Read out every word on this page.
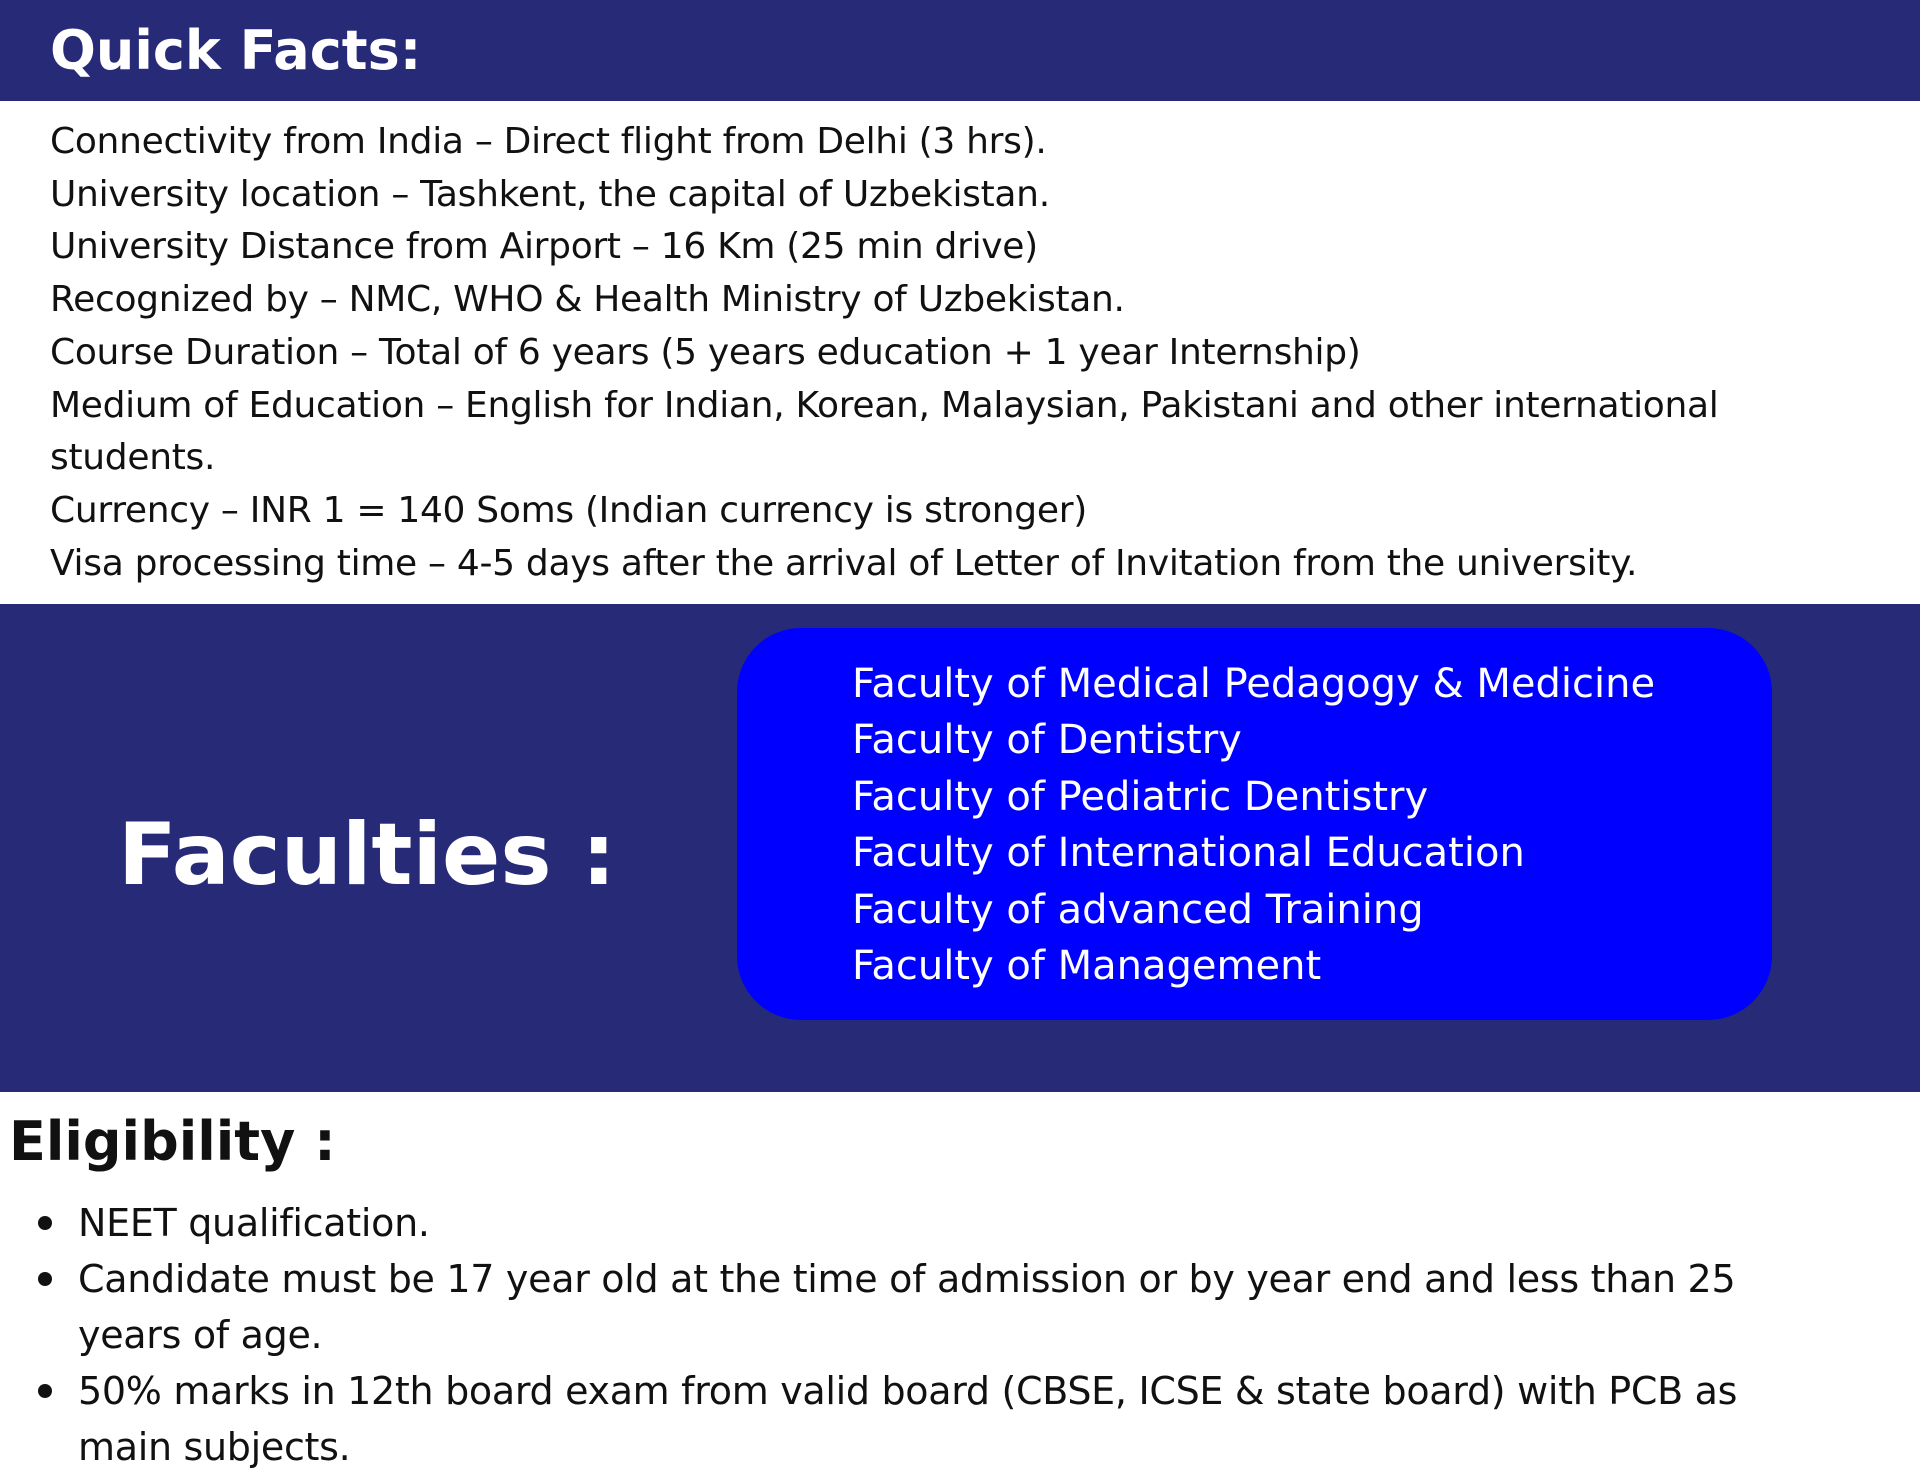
Quick Facts:
Connectivity from India – Direct flight from Delhi (3 hrs).
University location – Tashkent, the capital of Uzbekistan.
University Distance from Airport – 16 Km (25 min drive)
Recognized by – NMC, WHO & Health Ministry of Uzbekistan.
Course Duration – Total of 6 years (5 years education + 1 year Internship)
Medium of Education – English for Indian, Korean, Malaysian, Pakistani and other international students.
Currency – INR 1 = 140 Soms (Indian currency is stronger)
Visa processing time – 4-5 days after the arrival of Letter of Invitation from the university.
Faculties :
Faculty of Medical Pedagogy & Medicine
Faculty of Dentistry
Faculty of Pediatric Dentistry
Faculty of International Education
Faculty of advanced Training
Faculty of Management
Eligibility :
NEET qualification.
Candidate must be 17 year old at the time of admission or by year end and less than 25 years of age.
50% marks in 12th board exam from valid board (CBSE, ICSE & state board) with PCB as main subjects.
